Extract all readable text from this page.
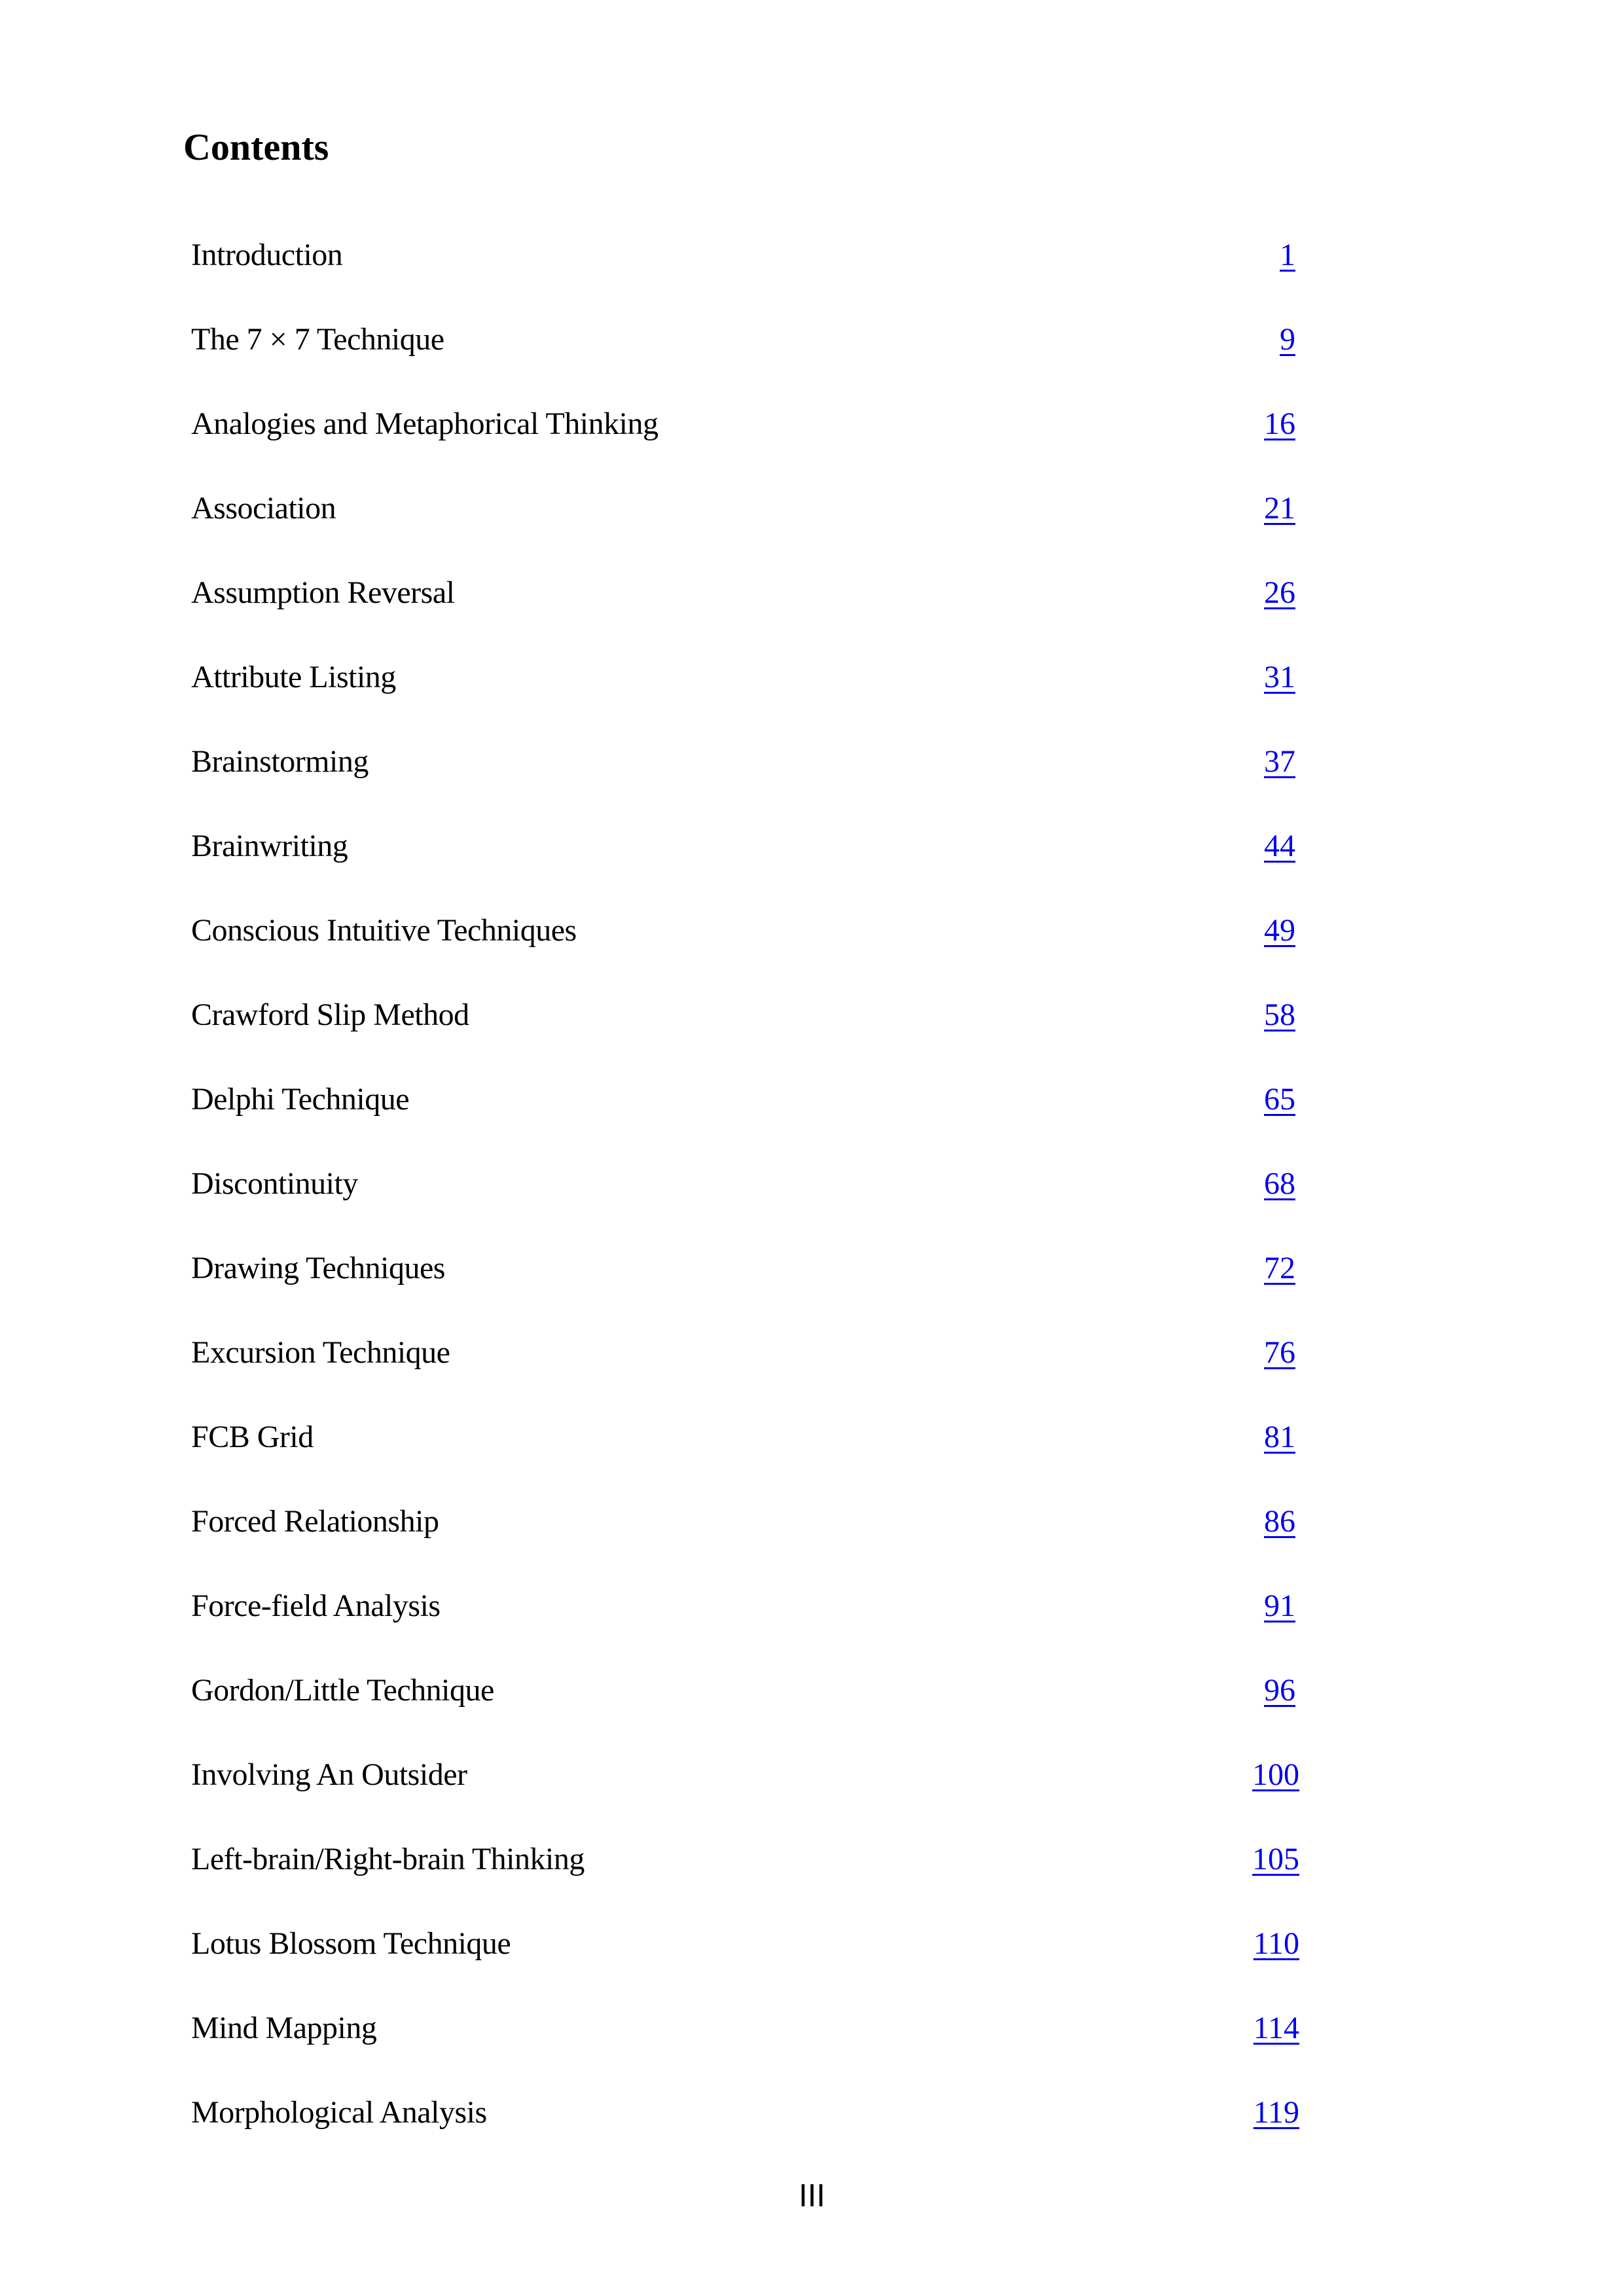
Contents
Introduction	1
The 7 × 7 Technique	9
Analogies and Metaphorical Thinking	16
Association	21
Assumption Reversal	26
Attribute Listing	31
Brainstorming	37
Brainwriting	44
Conscious Intuitive Techniques	49
Crawford Slip Method	58
Delphi Technique	65
Discontinuity	68
Drawing Techniques	72
Excursion Technique	76
FCB Grid	81
Forced Relationship	86
Force-field Analysis	91
Gordon/Little Technique	96
Involving An Outsider	100
Left-brain/Right-brain Thinking	105
Lotus Blossom Technique	110
Mind Mapping	114
Morphological Analysis	119
III
